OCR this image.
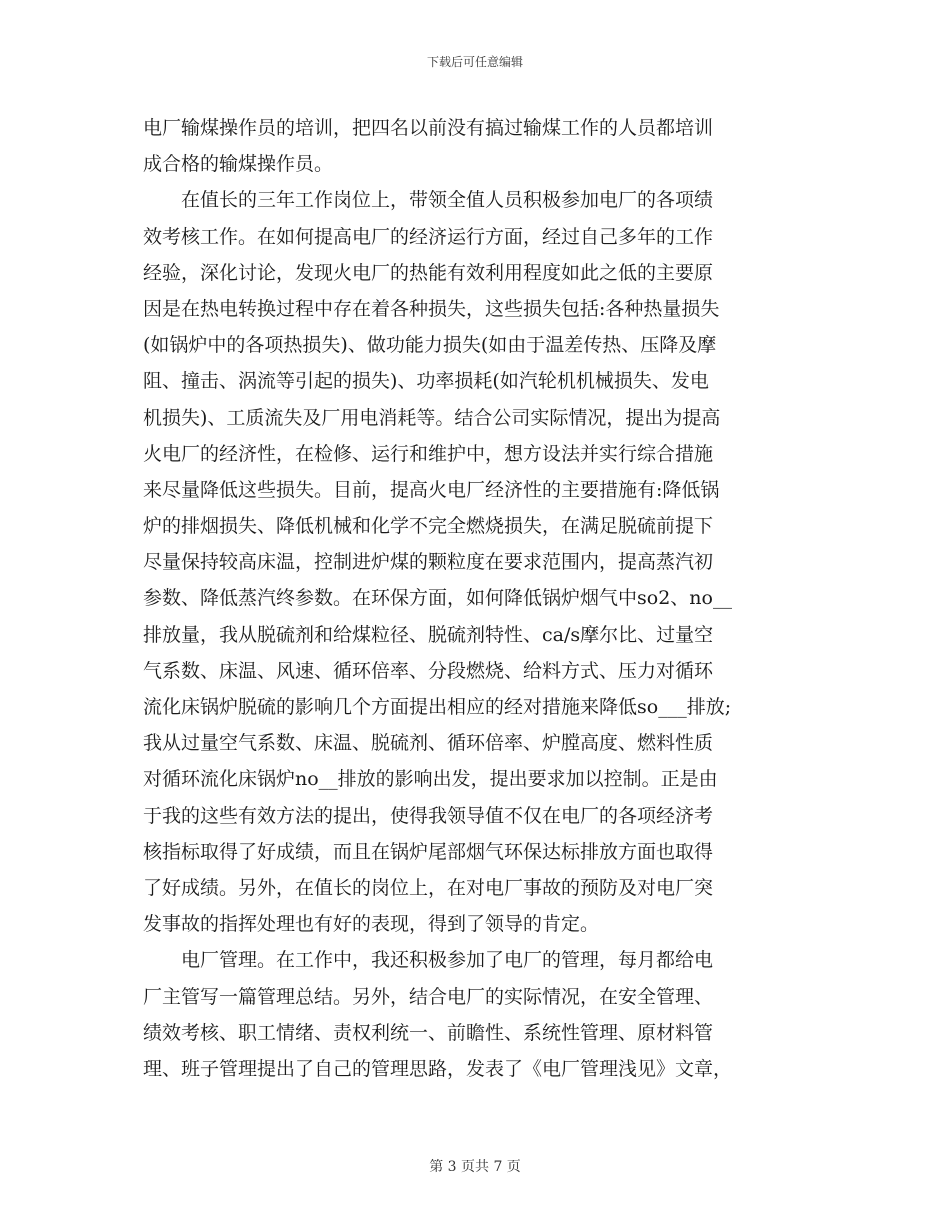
下载后可任意编辑
电厂输煤操作员的培训，把四名以前没有搞过输煤工作的人员都培训
成合格的输煤操作员。
在值长的三年工作岗位上，带领全值人员积极参加电厂的各项绩
效考核工作。在如何提高电厂的经济运行方面，经过自己多年的工作
经验，深化讨论，发现火电厂的热能有效利用程度如此之低的主要原
因是在热电转换过程中存在着各种损失，这些损失包括:各种热量损失
(如锅炉中的各项热损失)、做功能力损失(如由于温差传热、压降及摩
阻、撞击、涡流等引起的损失)、功率损耗(如汽轮机机械损失、发电
机损失)、工质流失及厂用电消耗等。结合公司实际情况，提出为提高
火电厂的经济性，在检修、运行和维护中，想方设法并实行综合措施
来尽量降低这些损失。目前，提高火电厂经济性的主要措施有:降低锅
炉的排烟损失、降低机械和化学不完全燃烧损失，在满足脱硫前提下
尽量保持较高床温，控制进炉煤的颗粒度在要求范围内，提高蒸汽初
参数、降低蒸汽终参数。在环保方面，如何降低锅炉烟气中so2、no__
排放量，我从脱硫剂和给煤粒径、脱硫剂特性、ca/s摩尔比、过量空
气系数、床温、风速、循环倍率、分段燃烧、给料方式、压力对循环
流化床锅炉脱硫的影响几个方面提出相应的经对措施来降低so___排放;
我从过量空气系数、床温、脱硫剂、循环倍率、炉膛高度、燃料性质
对循环流化床锅炉no__排放的影响出发，提出要求加以控制。正是由
于我的这些有效方法的提出，使得我领导值不仅在电厂的各项经济考
核指标取得了好成绩，而且在锅炉尾部烟气环保达标排放方面也取得
了好成绩。另外，在值长的岗位上，在对电厂事故的预防及对电厂突
发事故的指挥处理也有好的表现，得到了领导的肯定。
电厂管理。在工作中，我还积极参加了电厂的管理，每月都给电
厂主管写一篇管理总结。另外，结合电厂的实际情况，在安全管理、
绩效考核、职工情绪、责权利统一、前瞻性、系统性管理、原材料管
理、班子管理提出了自己的管理思路，发表了《电厂管理浅见》文章，
第 3 页共 7 页
